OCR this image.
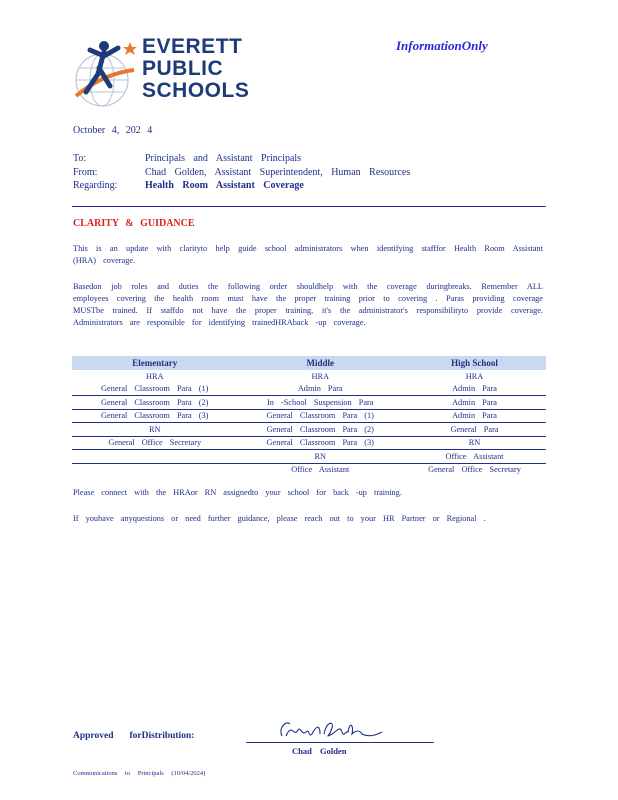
EVERETT
PUBLIC
SCHOOLS
InformationOnly
October 4, 202 4
To:	Principals and Assistant Principals
From:	Chad Golden, Assistant Superintendent, Human Resources
Regarding:	Health Room Assistant Coverage
CLARITY & GUIDANCE
This is an update with clarityto help guide school administrators when identifying stafffor Health Room Assistant (HRA) coverage.
Basedon job roles and duties the following order shouldhelp with the coverage duringbreaks. Remember ALL employees covering the health room must have the proper training prior to covering . Paras providing coverage MUSTbe trained. If staffdo not have the proper training, it's the administrator's responsibilityto provide coverage. Administrators are responsible for identifying trainedHRAback -up coverage.
Elementary	Middle	High School
HRA	HRA	HRA
General Classroom Para (1)	Admin Para	Admin Para
General Classroom Para (2)	In -School Suspension Para	Admin Para
General Classroom Para (3)	General Classroom Para (1)	Admin Para
RN	General Classroom Para (2)	General Para
General Office Secretary	General Classroom Para (3)	RN
	RN	Office Assistant
	Office Assistant	General Office Secretary
Please connect with the HRAor RN assignedto your school for back -up training.
If youhave anyquestions or need further guidance, please reach out to your HR Partner or Regional .
Approved forDistribution:
Chad Golden
Communications to Principals (10/04/2024)
